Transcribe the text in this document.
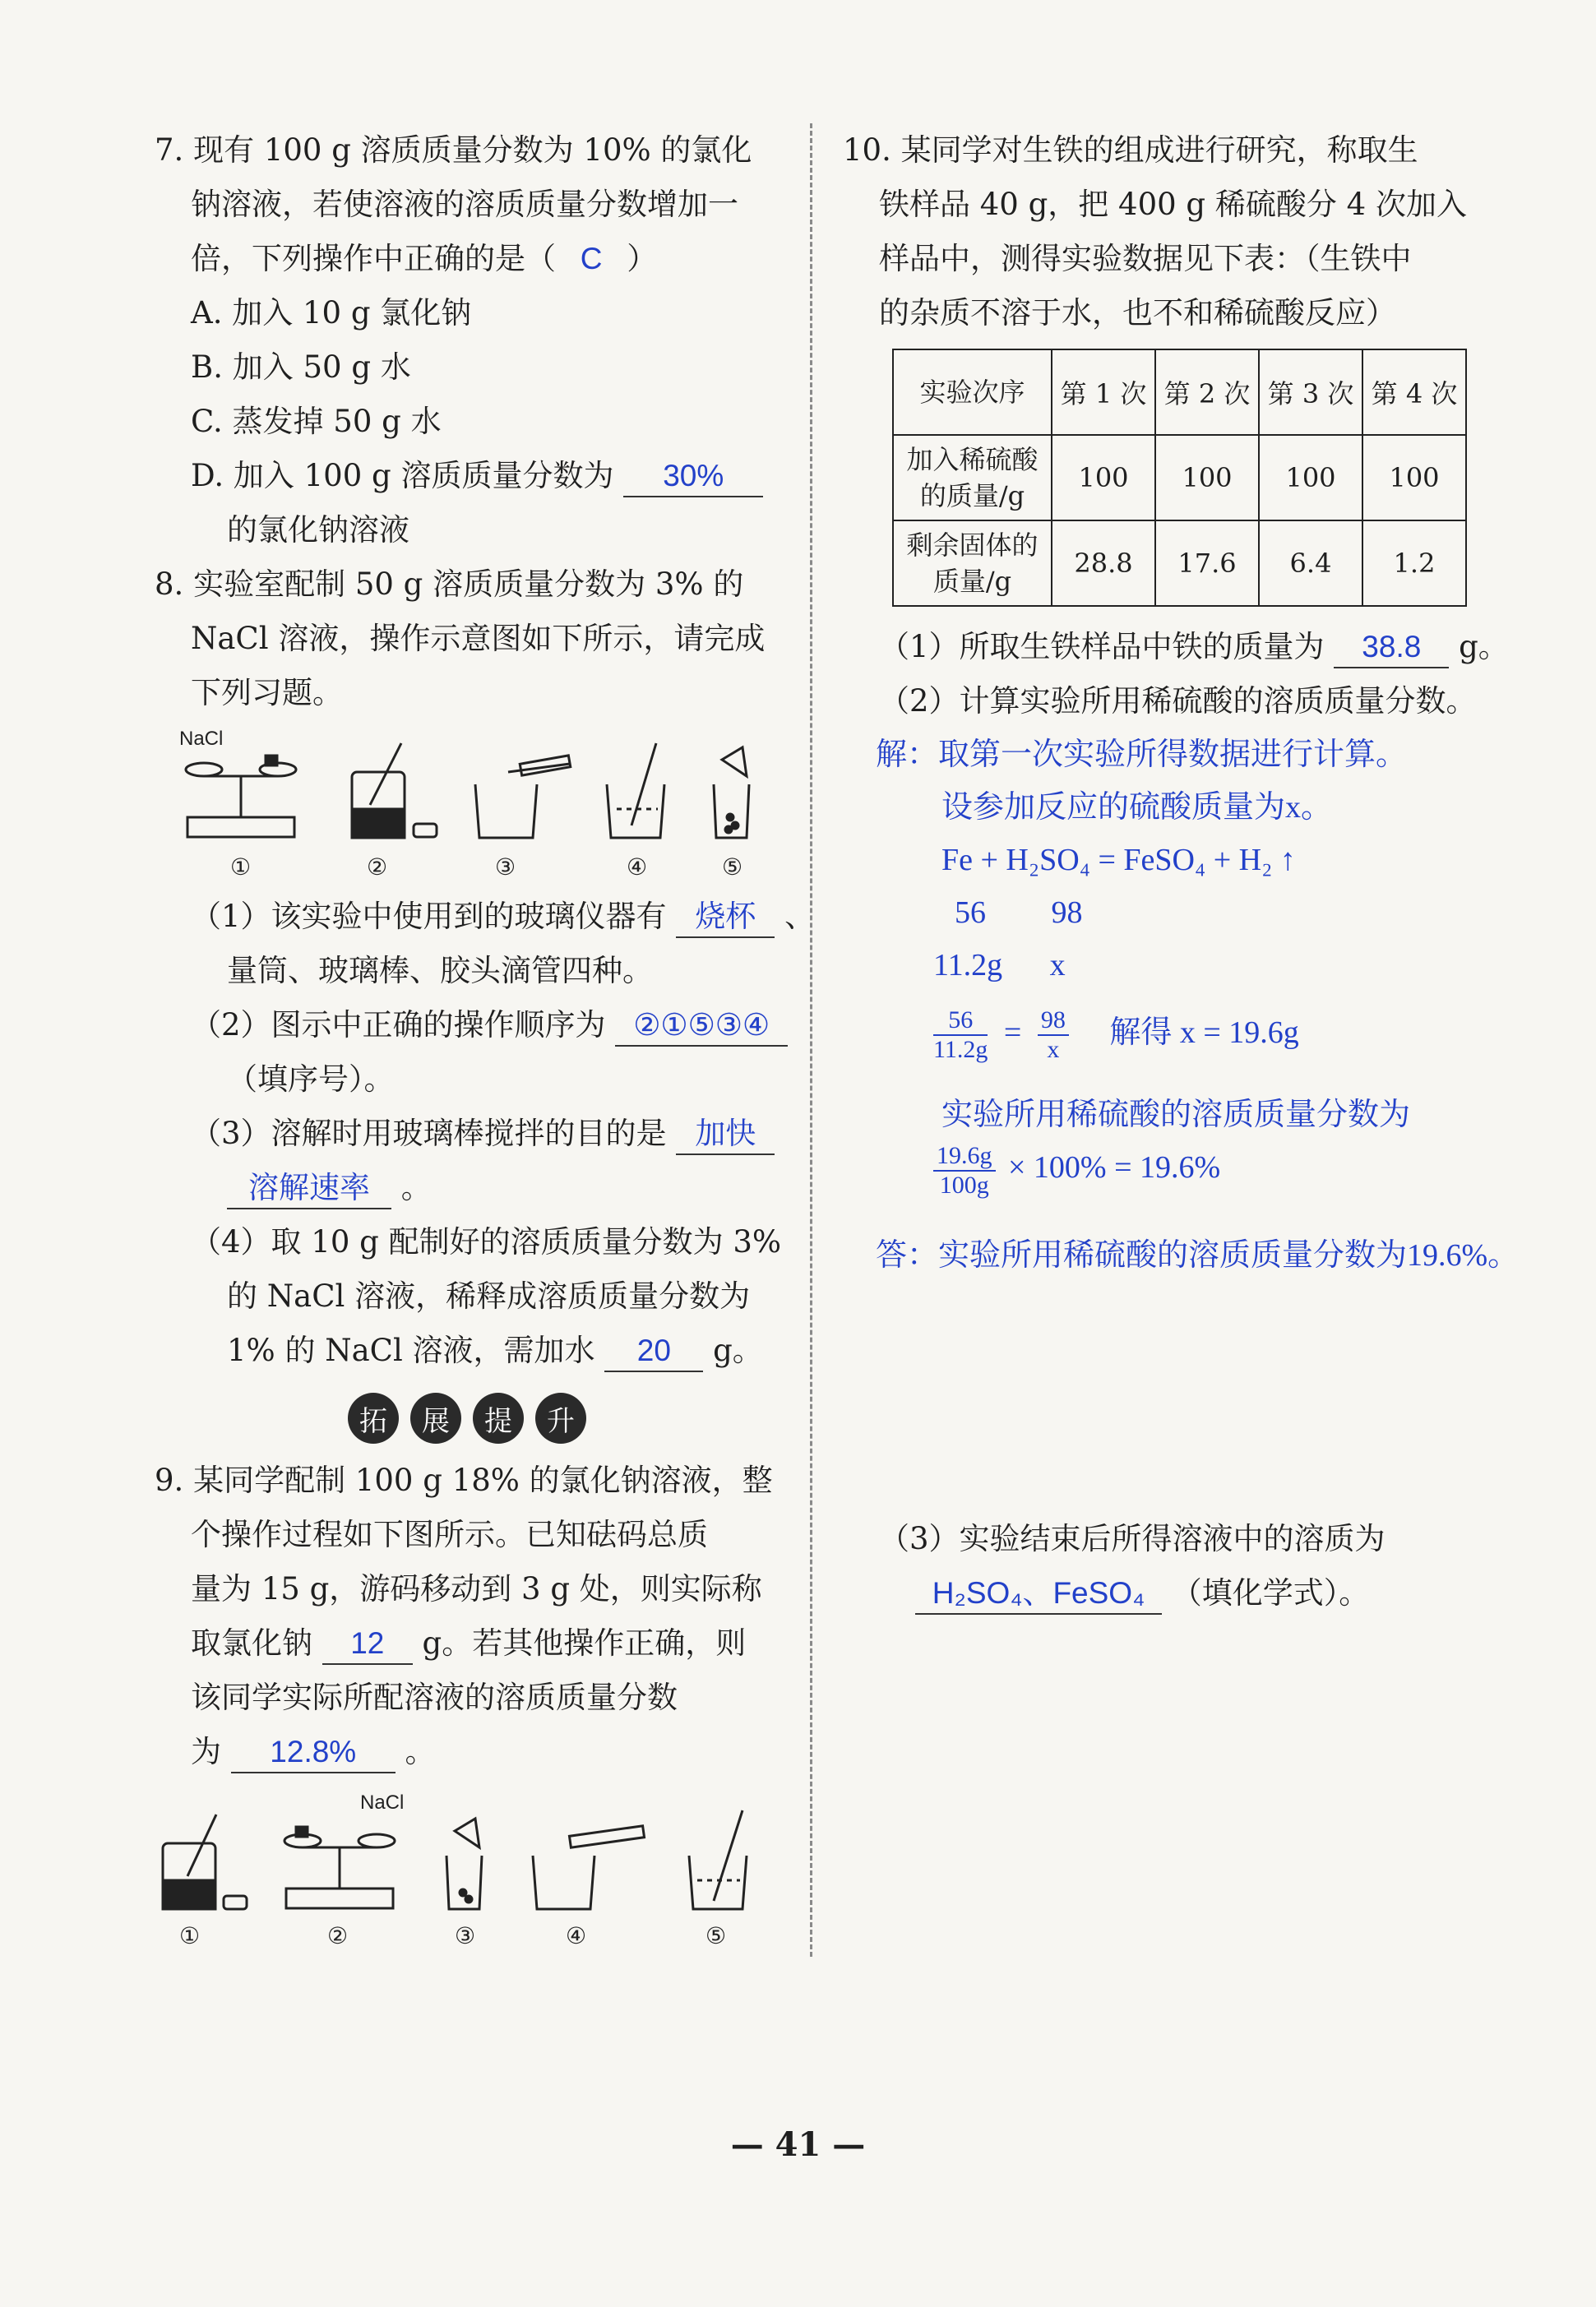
7. 现有 100 g 溶质质量分数为 10% 的氯化
钠溶液，若使溶液的溶质质量分数增加一
倍，下列操作中正确的是（ C ）
A. 加入 10 g 氯化钠
B. 加入 50 g 水
C. 蒸发掉 50 g 水
D. 加入 100 g 溶质质量分数为 30%
的氯化钠溶液
8. 实验室配制 50 g 溶质质量分数为 3% 的
NaCl 溶液，操作示意图如下所示，请完成
下列习题。
NaCl
①	②	③	④	⑤
（1）该实验中使用到的玻璃仪器有 烧杯 、
量筒、玻璃棒、胶头滴管四种。
（2）图示中正确的操作顺序为 ②①⑤③④
（填序号）。
（3）溶解时用玻璃棒搅拌的目的是 加快
溶解速率 。
（4）取 10 g 配制好的溶质质量分数为 3%
的 NaCl 溶液，稀释成溶质质量分数为
1% 的 NaCl 溶液，需加水 20 g。
拓	展	提	升
9. 某同学配制 100 g 18% 的氯化钠溶液，整
个操作过程如下图所示。已知砝码总质
量为 15 g，游码移动到 3 g 处，则实际称
取氯化钠 12 g。若其他操作正确，则
该同学实际所配溶液的溶质质量分数
为 12.8% 。
NaCl
①	②	③	④	⑤
10. 某同学对生铁的组成进行研究，称取生
铁样品 40 g，把 400 g 稀硫酸分 4 次加入
样品中，测得实验数据见下表：（生铁中
的杂质不溶于水，也不和稀硫酸反应）
实验次序	第 1 次	第 2 次	第 3 次	第 4 次
加入稀硫酸的质量/g	100	100	100	100
剩余固体的质量/g	28.8	17.6	6.4	1.2
（1）所取生铁样品中铁的质量为 38.8 g。
（2）计算实验所用稀硫酸的溶质质量分数。
解：取第一次实验所得数据进行计算。
设参加反应的硫酸质量为x。
Fe + H₂SO₄ = FeSO₄ + H₂ ↑
56 98
11.2g x
$\frac{56}{11.2g} = \frac{98}{x}$ 解得 x = 19.6g
实验所用稀硫酸的溶质质量分数为
$\frac{19.6g}{100g} \times 100\% = 19.6\%$
答：实验所用稀硫酸的溶质质量分数为19.6%。
（3）实验结束后所得溶液中的溶质为
H₂SO₄、FeSO₄ （填化学式）。
— 41 —
